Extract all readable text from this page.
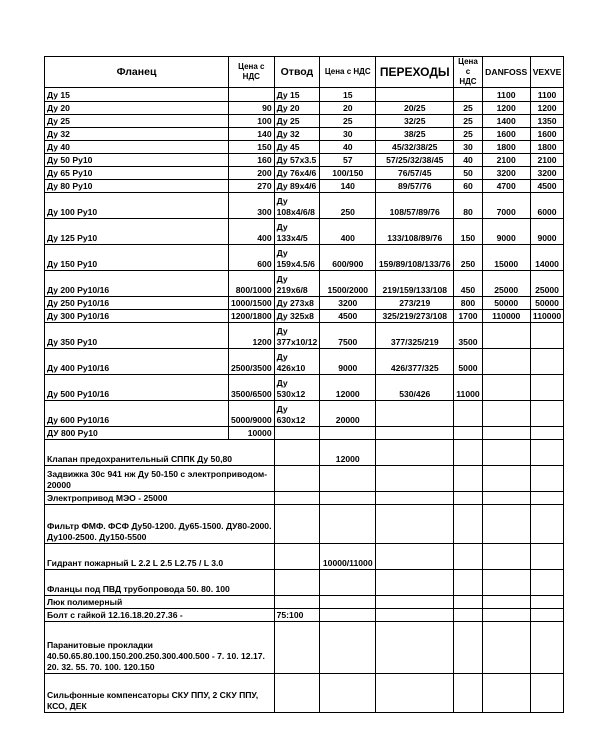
Фланец	Цена с НДС	Отвод	Цена с НДС	ПЕРЕХОДЫ	Цена с НДС	DANFOSS	VEXVE
Ду 15		Ду 15	15			1100	1100
Ду 20	90	Ду 20	20	20/25	25	1200	1200
Ду 25	100	Ду 25	25	32/25	25	1400	1350
Ду 32	140	Ду 32	30	38/25	25	1600	1600
Ду 40	150	Ду 45	40	45/32/38/25	30	1800	1800
Ду 50 Ру10	160	Ду 57x3.5	57	57/25/32/38/45	40	2100	2100
Ду 65 Ру10	200	Ду 76x4/6	100/150	76/57/45	50	3200	3200
Ду 80 Ру10	270	Ду 89x4/6	140	89/57/76	60	4700	4500
Ду 100 Ру10	300	Ду 108x4/6/8	250	108/57/89/76	80	7000	6000
Ду 125 Ру10	400	Ду 133x4/5	400	133/108/89/76	150	9000	9000
Ду 150 Ру10	600	Ду 159x4.5/6	600/900	159/89/108/133/76	250	15000	14000
Ду 200 Ру10/16	800/1000	Ду 219x6/8	1500/2000	219/159/133/108	450	25000	25000
Ду 250 Ру10/16	1000/1500	Ду 273x8	3200	273/219	800	50000	50000
Ду 300 Ру10/16	1200/1800	Ду 325x8	4500	325/219/273/108	1700	110000	110000
Ду 350 Ру10	1200	Ду 377x10/12	7500	377/325/219	3500		
Ду 400 Ру10/16	2500/3500	Ду 426x10	9000	426/377/325	5000		
Ду 500 Ру10/16	3500/6500	Ду 530x12	12000	530/426	11000		
Ду 600 Ру10/16	5000/9000	Ду 630x12	20000				
ДУ 800 Ру10	10000						
Клапан предохранительный СППК Ду 50,80			12000				
Задвижка 30с 941 нж Ду 50-150 с электроприводом- 20000							
Электропривод МЭО - 25000							
Фильтр ФМФ. ФСФ Ду50-1200. Ду65-1500. ДУ80-2000. Ду100-2500. Ду150-5500							
Гидрант пожарный L 2.2 L 2.5 L2.75 / L 3.0			10000/11000				
Фланцы под ПВД трубопровода 50. 80. 100							
Люк полимерный							
Болт с гайкой 12.16.18.20.27.36 -		75:100					
Паранитовые прокладки 40.50.65.80.100.150.200.250.300.400.500 - 7. 10. 12.17. 20. 32. 55. 70. 100. 120.150							
Сильфонные компенсаторы СКУ ППУ, 2 СКУ ППУ, КСО, ДЕК							
